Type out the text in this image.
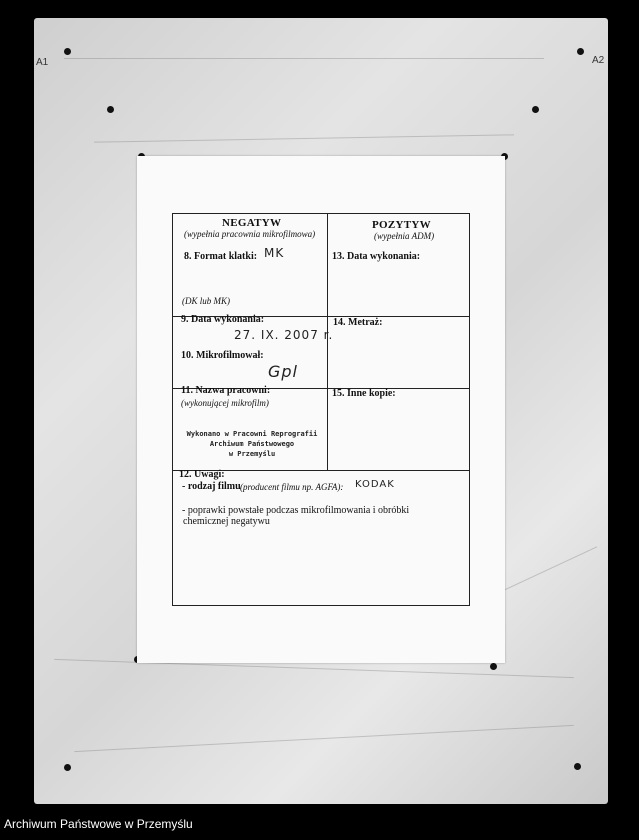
A1	A2
NEGATYW
(wypełnia pracownia mikrofilmowa)
POZYTYW
(wypełnia ADM)
8. Format klatki: MK
(DK lub MK)
13. Data wykonania:
9. Data wykonania:
27. IX. 2007 r.
14. Metraż:
10. Mikrofilmował:
Gpl
11. Nazwa pracowni:
(wykonującej mikrofilm)
15. Inne kopie:
Wykonano w Pracowni Reprografii
Archiwum Państwowego
w Przemyślu
12. Uwagi:
- rodzaj filmu (producent filmu np. AGFA): KODAK
- poprawki powstałe podczas mikrofilmowania i obróbki
chemicznej negatywu
Archiwum Państwowe w Przemyślu
